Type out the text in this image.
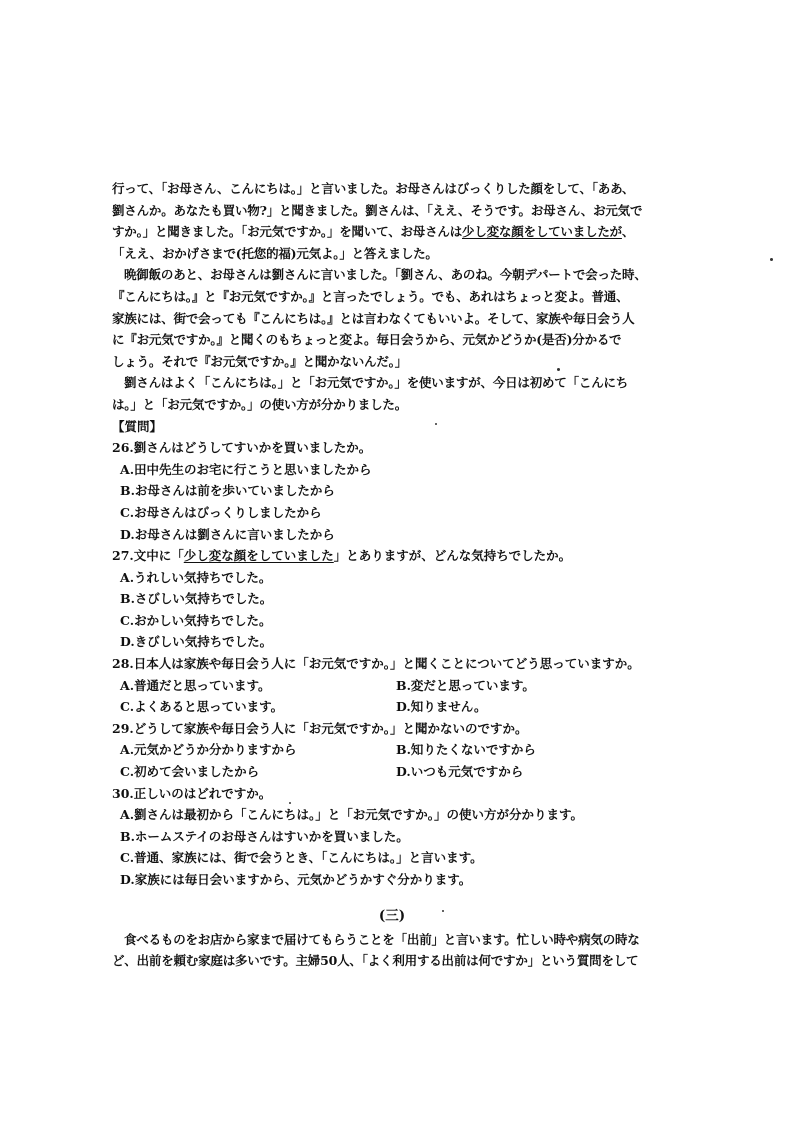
行って、「お母さん、こんにちは。」と言いました。お母さんはびっくりした顔をして、「ああ、
劉さんか。あなたも買い物?」と聞きました。劉さんは、「ええ、そうです。お母さん、お元気で
すか。」と聞きました。「お元気ですか。」を聞いて、お母さんは少し変な顔をしていましたが、
「ええ、おかげさまで(托您的福)元気よ。」と答えました。
晩御飯のあと、お母さんは劉さんに言いました。「劉さん、あのね。今朝デパートで会った時、
『こんにちは。』と『お元気ですか。』と言ったでしょう。でも、あれはちょっと変よ。普通、
家族には、街で会っても『こんにちは。』とは言わなくてもいいよ。そして、家族や毎日会う人
に『お元気ですか。』と聞くのもちょっと変よ。毎日会うから、元気かどうか(是否)分かるで
しょう。それで『お元気ですか。』と聞かないんだ。」
劉さんはよく「こんにちは。」と「お元気ですか。」を使いますが、今日は初めて「こんにち
は。」と「お元気ですか。」の使い方が分かりました。
【質問】
26.劉さんはどうしてすいかを買いましたか。
A.田中先生のお宅に行こうと思いましたから
B.お母さんは前を歩いていましたから
C.お母さんはびっくりしましたから
D.お母さんは劉さんに言いましたから
27.文中に「少し変な顔をしていました」とありますが、どんな気持ちでしたか。
A.うれしい気持ちでした。
B.さびしい気持ちでした。
C.おかしい気持ちでした。
D.きびしい気持ちでした。
28.日本人は家族や毎日会う人に「お元気ですか。」と聞くことについてどう思っていますか。
A.普通だと思っています。	B.変だと思っています。
C.よくあると思っています。	D.知りません。
29.どうして家族や毎日会う人に「お元気ですか。」と聞かないのですか。
A.元気かどうか分かりますから	B.知りたくないですから
C.初めて会いましたから	D.いつも元気ですから
30.正しいのはどれですか。
A.劉さんは最初から「こんにちは。」と「お元気ですか。」の使い方が分かります。
B.ホームステイのお母さんはすいかを買いました。
C.普通、家族には、街で会うとき、「こんにちは。」と言います。
D.家族には毎日会いますから、元気かどうかすぐ分かります。
(三)
食べるものをお店から家まで届けてもらうことを「出前」と言います。忙しい時や病気の時な
ど、出前を頼む家庭は多いです。主婦50人、「よく利用する出前は何ですか」という質問をして
